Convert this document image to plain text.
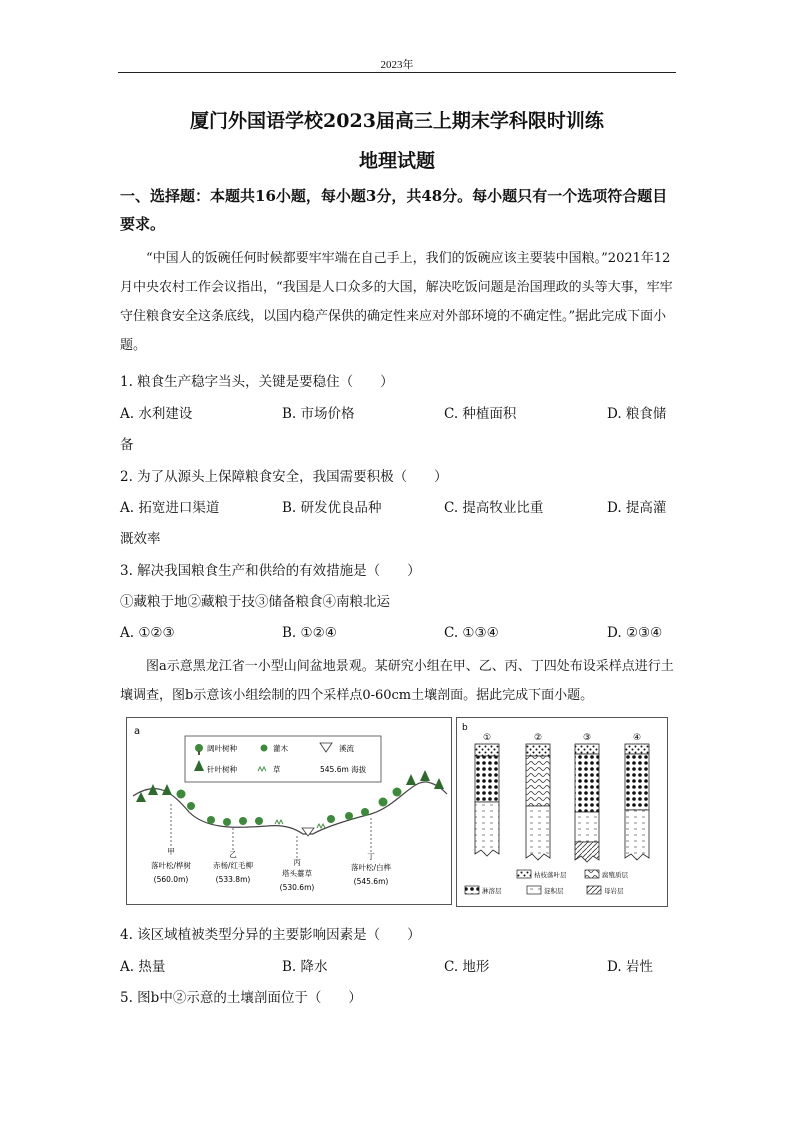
2023年
厦门外国语学校2023届高三上期末学科限时训练
地理试题
一、选择题：本题共16小题，每小题3分，共48分。每小题只有一个选项符合题目要求。
“中国人的饭碗任何时候都要牢牢端在自己手上，我们的饭碗应该主要装中国粮。”2021年12月中央农村工作会议指出，“我国是人口众多的大国，解决吃饭问题是治国理政的头等大事，牢牢守住粮食安全这条底线，以国内稳产保供的确定性来应对外部环境的不确定性。”据此完成下面小题。
1. 粮食生产稳字当头，关键是要稳住（　　）
A. 水利建设	B. 市场价格	C. 种植面积	D. 粮食储
备
2. 为了从源头上保障粮食安全，我国需要积极（　　）
A. 拓宽进口渠道	B. 研发优良品种	C. 提高牧业比重	D. 提高灌
溉效率
3. 解决我国粮食生产和供给的有效措施是（　　）
①藏粮于地②藏粮于技③储备粮食④南粮北运
A. ①②③	B. ①②④	C. ①③④	D. ②③④
图a示意黑龙江省一小型山间盆地景观。某研究小组在甲、乙、丙、丁四处布设采样点进行土壤调查，图b示意该小组绘制的四个采样点0-60cm土壤剖面。据此完成下面小题。
a
阔叶树种	灌木	溪流
针叶树种	草	545.6m 海拔
甲
落叶松/桦树
(560.0m)
乙
赤杨/红毛柳
(533.8m)
丙
塔头薹草
(530.6m)
丁
落叶松/白桦
(545.6m)
b
①	②	③	④
枯枝落叶层	腐殖质层
淋溶层	淀积层	母岩层
4. 该区域植被类型分异的主要影响因素是（　　）
A. 热量	B. 降水	C. 地形	D. 岩性
5. 图b中②示意的土壤剖面位于（　　）
